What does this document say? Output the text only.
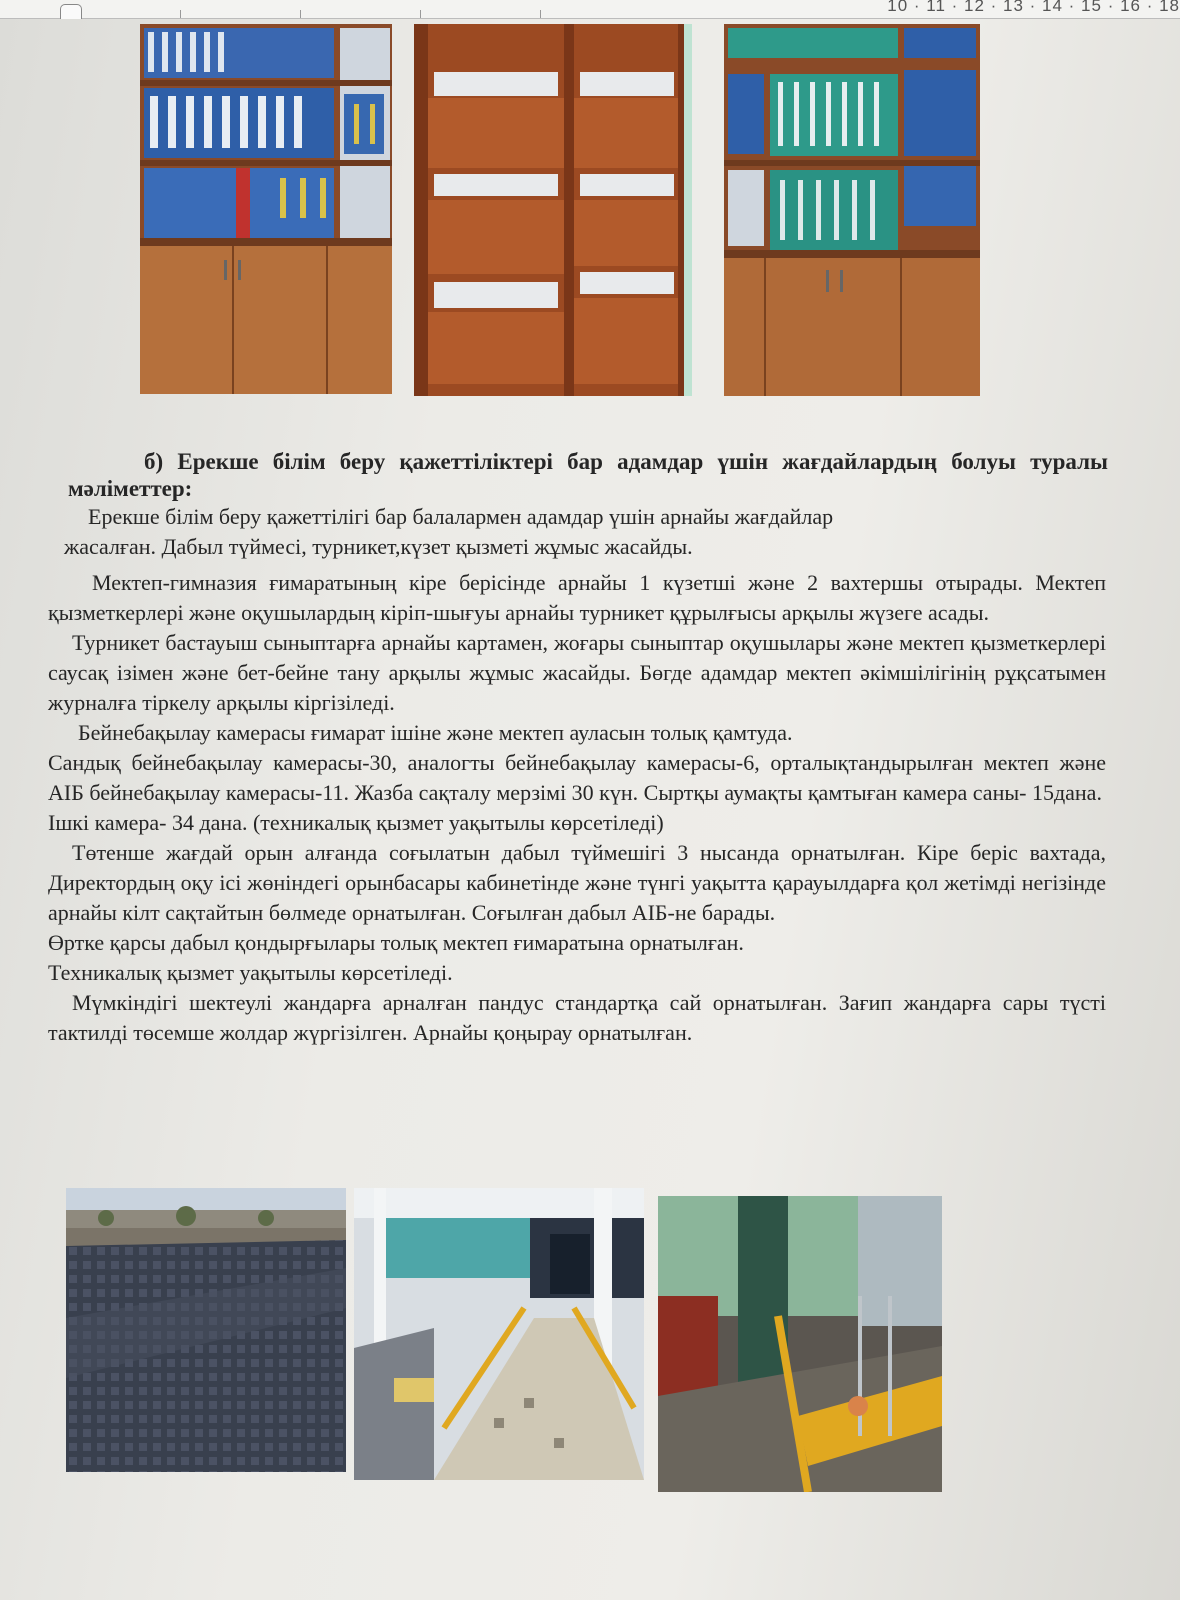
10 · 11 · 12 · 13 · 14 · 15 · 16 · 18

б) Ерекше білім беру қажеттіліктері бар адамдар үшін жағдайлардың болуы туралы мәліметтер:

Ерекше білім беру қажеттілігі бар балалармен адамдар үшін арнайы жағдайлар

жасалған. Дабыл түймесі, турникет,күзет қызметі жұмыс жасайды.

Мектеп-гимназия ғимаратының кіре берісінде арнайы 1 күзетші және 2 вахтершы отырады. Мектеп қызметкерлері және оқушылардың кіріп-шығуы арнайы турникет құрылғысы арқылы жүзеге асады.

Турникет бастауыш сыныптарға арнайы картамен, жоғары сыныптар оқушылары және мектеп қызметкерлері саусақ ізімен және бет-бейне тану арқылы жұмыс жасайды. Бөгде адамдар мектеп әкімшілігінің рұқсатымен журналға тіркелу арқылы кіргізіледі.

Бейнебақылау камерасы ғимарат ішіне және мектеп ауласын толық қамтуда.

Сандық бейнебақылау камерасы-30, аналогты бейнебақылау камерасы-6, орталықтандырылған мектеп және АІБ бейнебақылау камерасы-11. Жазба сақталу мерзімі 30 күн. Сыртқы аумақты қамтыған камера саны- 15дана.

Ішкі камера- 34 дана. (техникалық қызмет уақытылы көрсетіледі)

Төтенше жағдай орын алғанда соғылатын дабыл түймешігі 3 нысанда орнатылған. Кіре беріс вахтада, Директордың оқу ісі жөніндегі орынбасары кабинетінде және түнгі уақытта қарауылдарға қол жетімді негізінде арнайы кілт сақтайтын бөлмеде орнатылған. Соғылған дабыл АІБ-не барады.

Өртке қарсы дабыл қондырғылары толық мектеп ғимаратына орнатылған.

Техникалық қызмет уақытылы көрсетіледі.

Мүмкіндігі шектеулі жандарға арналған пандус стандартқа сай орнатылған. Зағип жандарға сары түсті тактилді төсемше жолдар жүргізілген. Арнайы қоңырау орнатылған.
